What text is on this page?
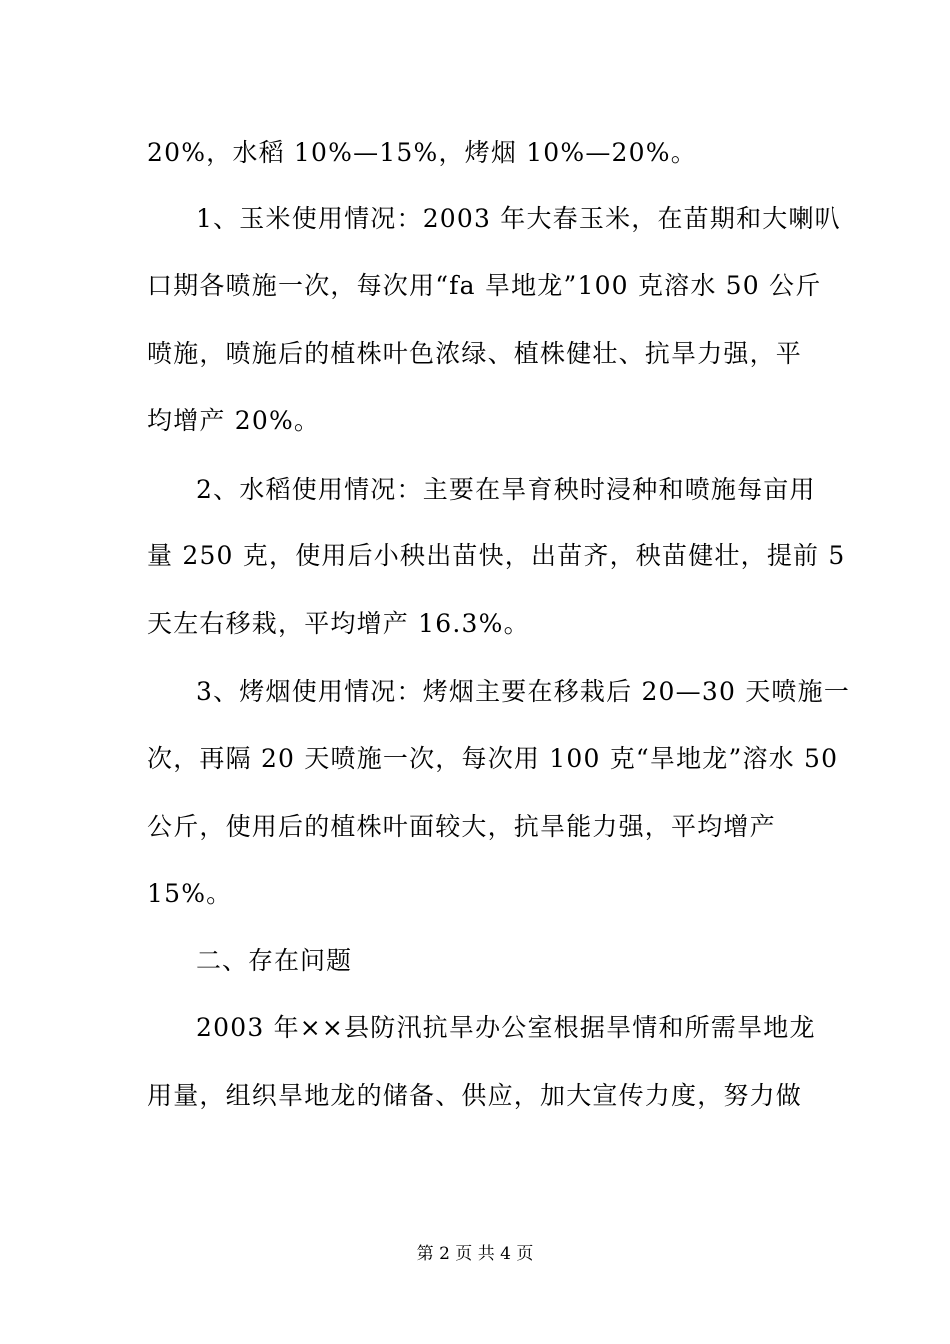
20%，水稻 10%—15%，烤烟 10%—20%。
1、玉米使用情况：2003 年大春玉米，在苗期和大喇叭
口期各喷施一次，每次用“fa 旱地龙”100 克溶水 50 公斤
喷施，喷施后的植株叶色浓绿、植株健壮、抗旱力强，平
均增产 20%。
2、水稻使用情况：主要在旱育秧时浸种和喷施每亩用
量 250 克，使用后小秧出苗快，出苗齐，秧苗健壮，提前 5
天左右移栽，平均增产 16.3%。
3、烤烟使用情况：烤烟主要在移栽后 20—30 天喷施一
次，再隔 20 天喷施一次，每次用 100 克“旱地龙”溶水 50
公斤，使用后的植株叶面较大，抗旱能力强，平均增产
15%。
二、存在问题
2003 年××县防汛抗旱办公室根据旱情和所需旱地龙
用量，组织旱地龙的储备、供应，加大宣传力度，努力做
第 2 页 共 4 页
